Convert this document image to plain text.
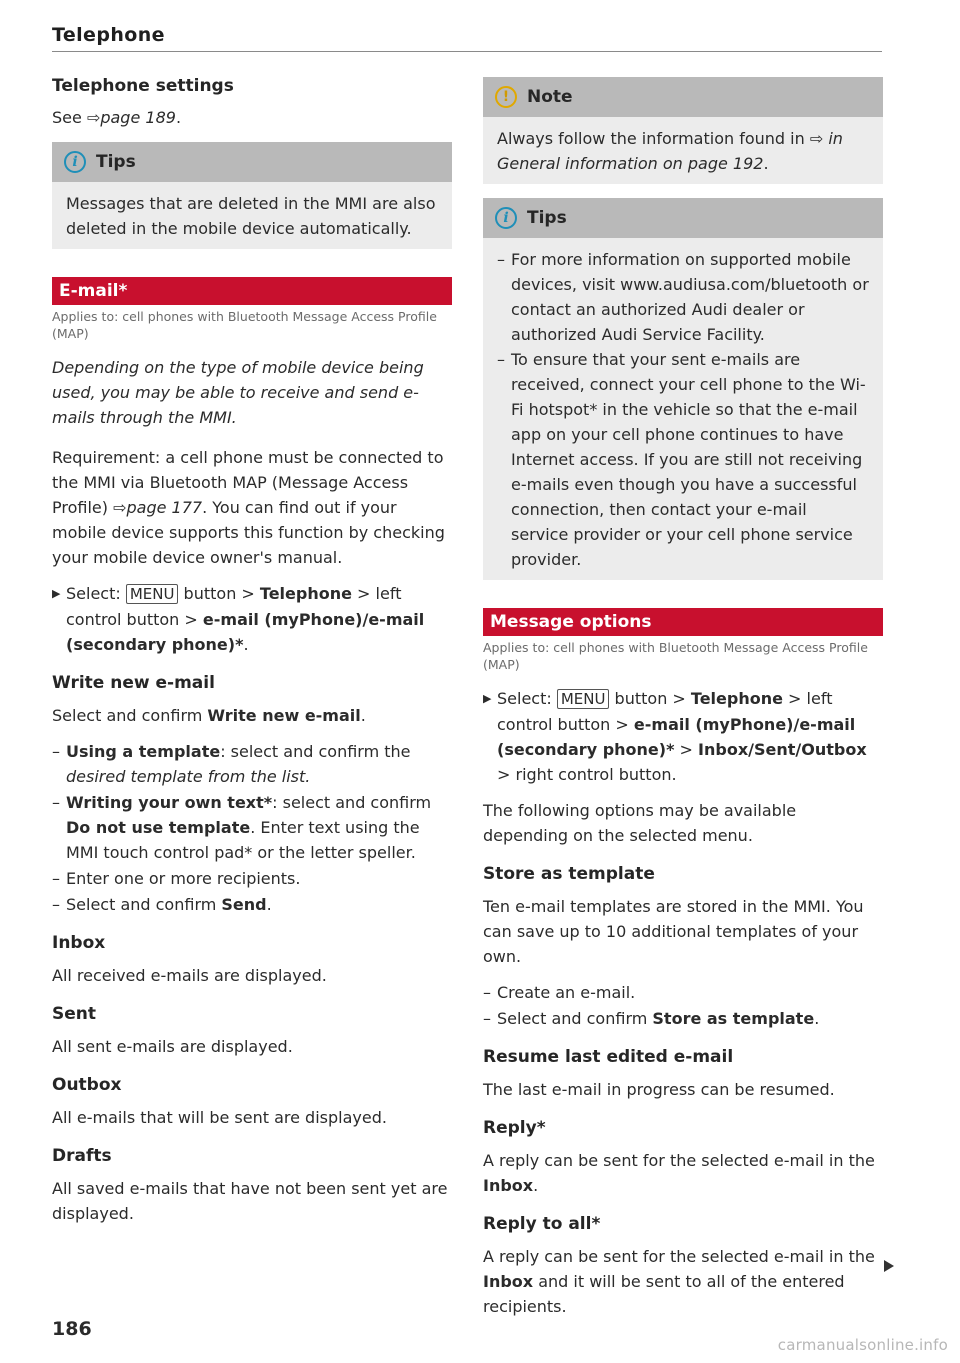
Telephone
Telephone settings

See ⇨page 189.

i	Tips

Messages that are deleted in the MMI are also deleted in the mobile device automatically.

E-mail*

Applies to: cell phones with Bluetooth Message Access Profile (MAP)

Depending on the type of mobile device being used, you may be able to receive and send e-mails through the MMI.

Requirement: a cell phone must be connected to the MMI via Bluetooth MAP (Message Access Profile) ⇨page 177. You can find out if your mobile device supports this function by checking your mobile device owner's manual.

▶ Select: MENU button > Telephone > left control button > e-mail (myPhone)/e-mail (secondary phone)*.
Write new e-mail

Select and confirm Write new e-mail.

– Using a template: select and confirm the desired template from the list.
– Writing your own text*: select and confirm Do not use template. Enter text using the MMI touch control pad* or the letter speller.
– Enter one or more recipients.
– Select and confirm Send.
Inbox

All received e-mails are displayed.

Sent

All sent e-mails are displayed.

Outbox

All e-mails that will be sent are displayed.

Drafts

All saved e-mails that have not been sent yet are displayed.

!	Note

Always follow the information found in ⇨ in General information on page 192.

i	Tips
– For more information on supported mobile devices, visit www.audiusa.com/bluetooth or contact an authorized Audi dealer or authorized Audi Service Facility.
– To ensure that your sent e-mails are received, connect your cell phone to the Wi-Fi hotspot* in the vehicle so that the e-mail app on your cell phone continues to have Internet access. If you are still not receiving e-mails even though you have a successful connection, then contact your e-mail service provider or your cell phone service provider.
Message options

Applies to: cell phones with Bluetooth Message Access Profile (MAP)

▶ Select: MENU button > Telephone > left control button > e-mail (myPhone)/e-mail (secondary phone)* > Inbox/Sent/Outbox > right control button.

The following options may be available depending on the selected menu.

Store as template

Ten e-mail templates are stored in the MMI. You can save up to 10 additional templates of your own.

– Create an e-mail.
– Select and confirm Store as template.
Resume last edited e-mail

The last e-mail in progress can be resumed.

Reply*

A reply can be sent for the selected e-mail in the Inbox.

Reply to all*

A reply can be sent for the selected e-mail in the Inbox and it will be sent to all of the entered recipients.

186
carmanualsonline.info
